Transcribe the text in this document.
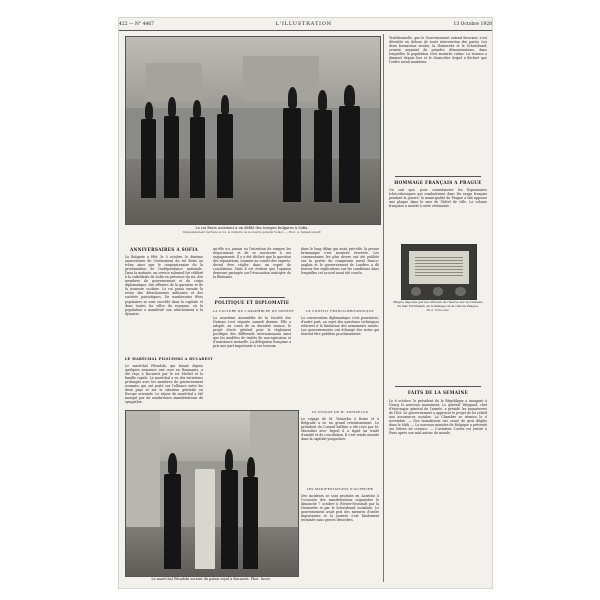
422 — N° 4467	L'ILLUSTRATION	13 Octobre 1928
Le roi Boris assistant à un défilé des troupes bulgares à Sofia.
Immédiatement derrière le roi, le ministre de la Guerre général Volkov. — Phot. A. Karastoyanoff.
ANNIVERSAIRES A SOFIA
La Bulgarie a fêté, le 3 octobre, le dixième anniversaire de l'avènement du roi Boris au trône ainsi que le cinquantenaire de la proclamation de l'indépendance nationale. Dans la matinée, un service solennel fut célébré à la cathédrale de Sofia en présence du roi, des membres du gouvernement et du corps diplomatique, des officiers de la garnison et de la jeunesse scolaire. Le roi passa ensuite la revue des détachements militaires et des sociétés patriotiques. De nombreuses fêtes populaires se sont succédé dans la capitale et dans toutes les villes du royaume, où la population a manifesté son attachement à la dynastie.
LE MARÉCHAL PILSUDSKI A BUCAREST
Le maréchal Pilsudski, qui faisait depuis quelques semaines une cure en Roumanie, a été reçu à Bucarest par le roi Michel et la famille royale. Le maréchal a eu des entretiens prolongés avec les membres du gouvernement roumain, qui ont porté sur l'alliance entre les deux pays et sur la situation générale en Europe orientale. Le séjour du maréchal a été marqué par de nombreuses manifestations de sympathie.
qu'elle n'a jamais eu l'intention de rompre les négociations et de se soustraire à ses engagements. Il y a été déclaré que la question des réparations, soumise au comité des experts, devait être réglée dans un esprit de conciliation. Mais il est évident que l'opinion demeure partagée sur l'évacuation anticipée de la Rhénanie.
POLITIQUE ET DIPLOMATIE
LA CULTURE DE L'ASSEMBLÉE DE GENÈVE
La neuvième Assemblée de la Société des Nations s'est séparée samedi dernier. Elle a adopté, au cours de sa dernière séance, le projet d'acte général pour le règlement pacifique des différends internationaux ainsi que les modèles de traités de non-agression et d'assistance mutuelle. La délégation française a pris une part importante à ces travaux.
dans le long débat qui avait précédé, la presse britannique s'est montrée réservée. Les commentaires les plus divers ont été publiés sur la portée du compromis naval franco-anglais et le gouvernement de Londres a dû fournir des explications sur les conditions dans lesquelles cet accord avait été conclu.
LE CONFLIT FRANCO-BRITANNIQUE
La conversation diplomatique s'est poursuivie, d'autre part, au sujet des questions techniques relatives à la limitation des armements navals. Les gouvernements ont échangé des notes qui doivent être publiées prochainement.
Le maréchal Pilsudski sortant du palais royal à Bucarest. Phot. Iacov.
LE VOYAGE DE M. VENIZELOS
Le voyage de M. Venizelos à Rome et à Belgrade a eu un grand retentissement. Le président du Conseil hellène a été reçu par M. Mussolini avec lequel il a signé un traité d'amitié et de conciliation. Il s'est rendu ensuite dans la capitale yougoslave.
LES MANIFESTATIONS D'AUTRICHE
Des incidents se sont produits en Autriche à l'occasion des manifestations organisées le dimanche 7 octobre à Wiener-Neustadt par la Heimwehr et par le Schutzbund socialiste. Le gouvernement avait pris des mesures d'ordre importantes et la journée s'est finalement terminée sans graves désordres.
Traditionnelle, que le Gouvernement entend favoriser, s'est déroulée en dehors de toute intervention des partis. Les deux formations rivales, la Heimwehr et le Schutzbund, avaient organisé de grandes démonstrations, dans lesquelles la population s'est montrée calme. La tension a diminué depuis lors et le chancelier Seipel a déclaré que l'ordre serait maintenu.
HOMMAGE FRANÇAIS A PRAGUE
On sait que, pour commémorer les légionnaires tchécoslovaques qui combattirent dans les rangs français pendant la guerre, la municipalité de Prague a fait apposer une plaque dans le mur de l'hôtel de ville. La colonie française a assisté à cette cérémonie.
Plaque déposée par les officiers de réserve sur le tombeau du tsar Ferdinand, en hommage de la ville de Prague.
Phot. Schroeter.
FAITS DE LA SEMAINE
Le 8 octobre, le président de la République a inauguré à Nancy le nouveau monument. Le général Weygand, chef d'état-major général de l'armée, a présidé les manœuvres de l'Est. Le gouvernement a approuvé le projet de loi relatif aux assurances sociales. La Chambre se réunira le 6 novembre. — Des inondations ont causé de gros dégâts dans le Midi. — Le nouveau ministre de Belgique a présenté ses lettres de créance. — L'aviateur Costes est rentré à Paris après son raid autour du monde.
